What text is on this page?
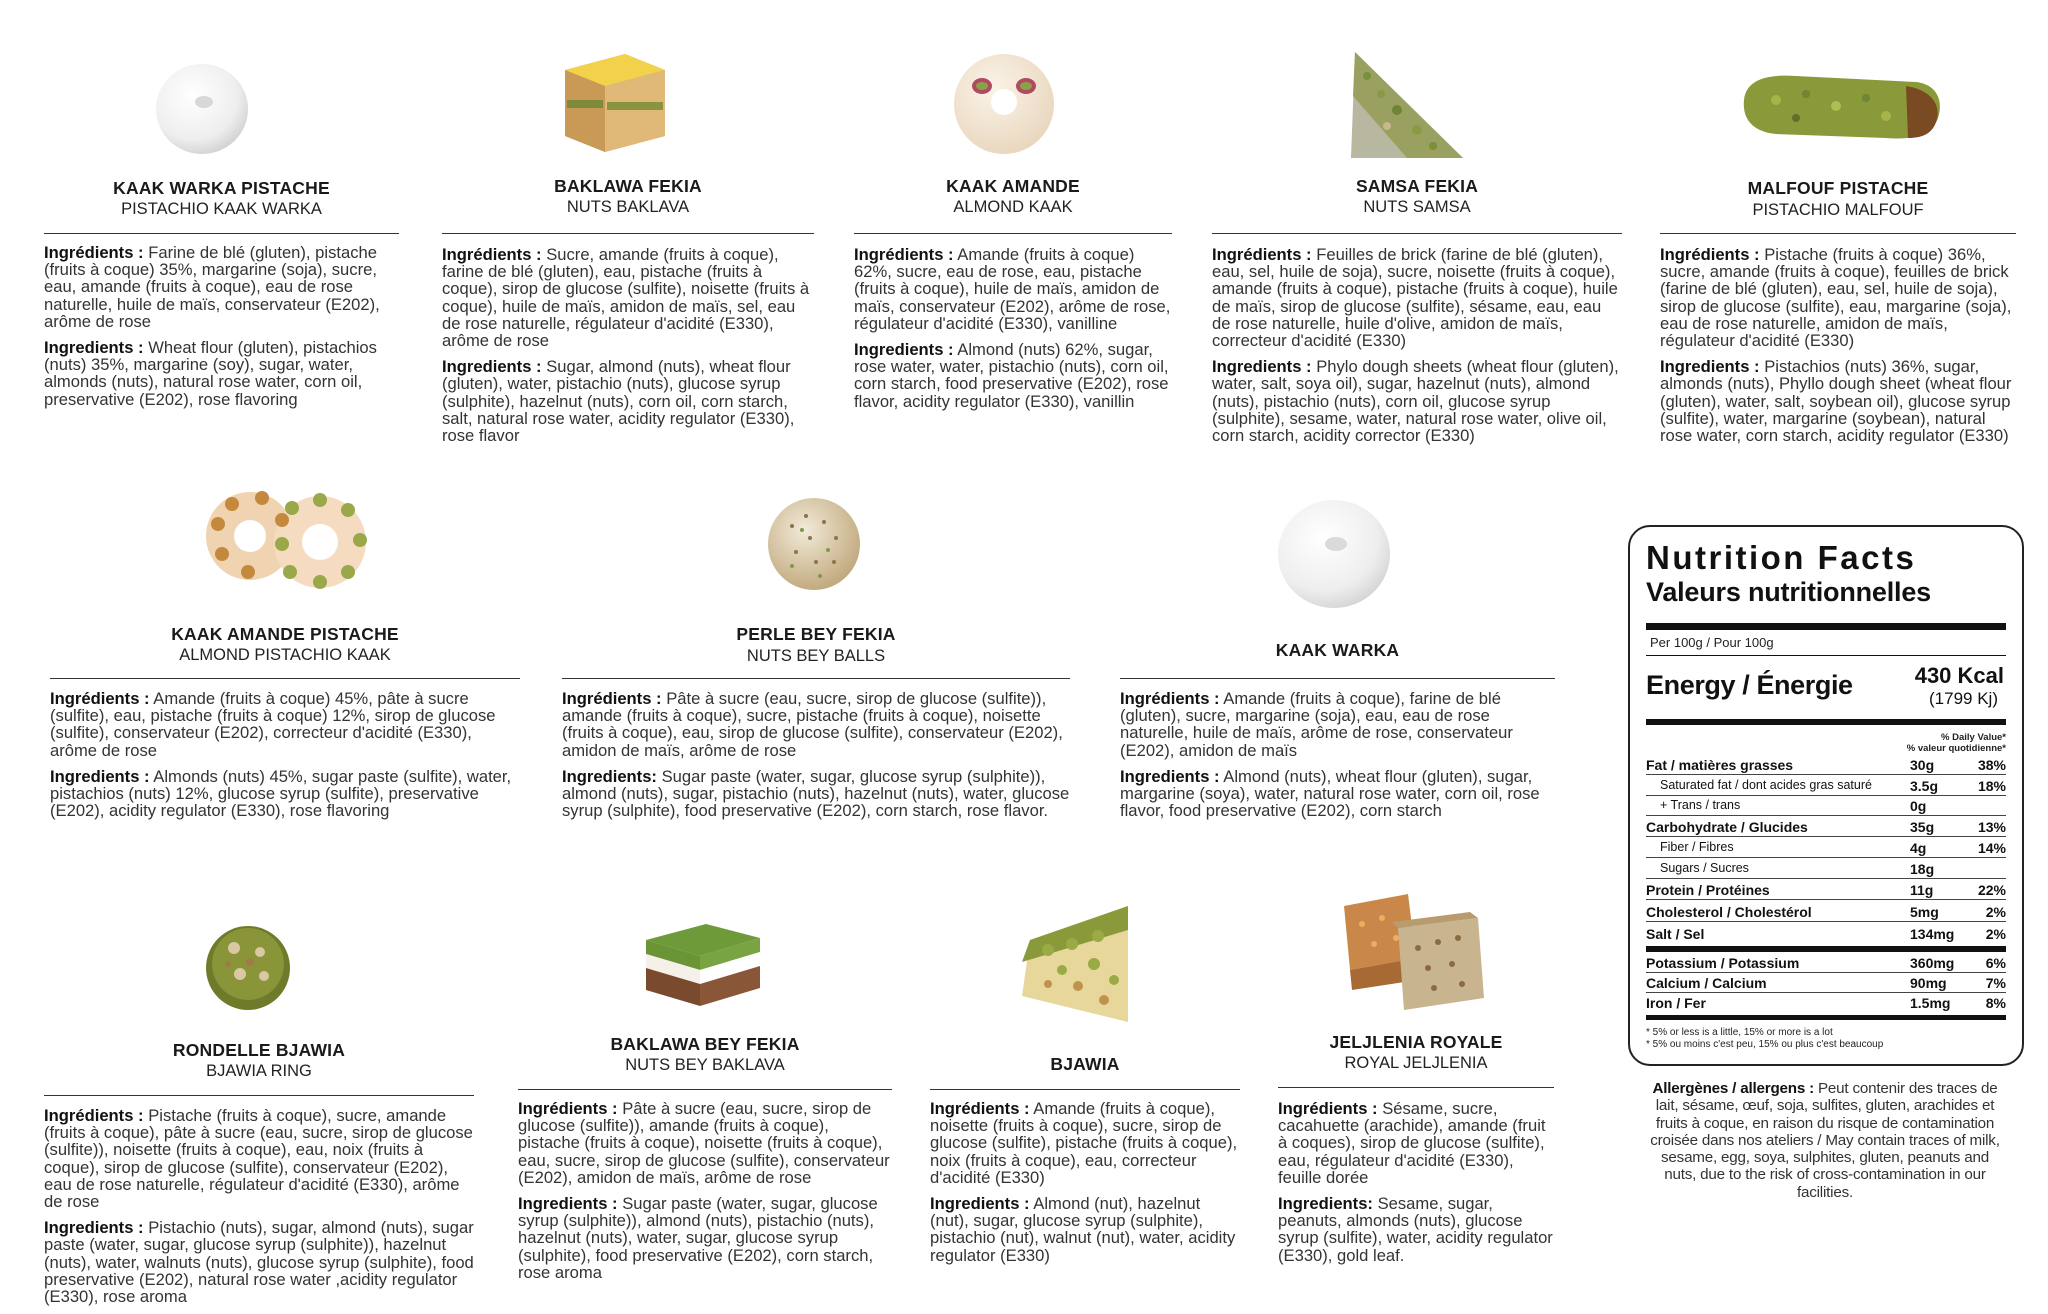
KAAK WARKA PISTACHE
PISTACHIO KAAK WARKA

Ingrédients : Farine de blé (gluten), pistache (fruits à coque) 35%, margarine (soja), sucre, eau, amande (fruits à coque), eau de rose naturelle, huile de maïs, conservateur (E202), arôme de rose

Ingredients : Wheat flour (gluten), pistachios (nuts) 35%, margarine (soy), sugar, water, almonds (nuts), natural rose water, corn oil, preservative (E202), rose flavoring

BAKLAWA FEKIA
NUTS BAKLAVA

Ingrédients : Sucre, amande (fruits à coque), farine de blé (gluten), eau, pistache (fruits à coque), sirop de glucose (sulfite), noisette (fruits à coque), huile de maïs, amidon de maïs, sel, eau de rose naturelle, régulateur d'acidité (E330), arôme de rose

Ingredients : Sugar, almond (nuts), wheat flour (gluten), water, pistachio (nuts), glucose syrup (sulphite), hazelnut (nuts), corn oil, corn starch, salt, natural rose water, acidity regulator (E330), rose flavor

KAAK AMANDE
ALMOND KAAK

Ingrédients : Amande (fruits à coque) 62%, sucre, eau de rose, eau, pistache (fruits à coque), huile de maïs, amidon de maïs, conservateur (E202), arôme de rose, régulateur d'acidité (E330), vanilline

Ingredients : Almond (nuts) 62%, sugar, rose water, water, pistachio (nuts), corn oil, corn starch, food preservative (E202), rose flavor, acidity regulator (E330), vanillin

SAMSA FEKIA
NUTS SAMSA

Ingrédients : Feuilles de brick (farine de blé (gluten), eau, sel, huile de soja), sucre, noisette (fruits à coque), amande (fruits à coque), pistache (fruits à coque), huile de maïs, sirop de glucose (sulfite), sésame, eau, eau de rose naturelle, huile d'olive, amidon de maïs, correcteur d'acidité (E330)

Ingredients : Phylo dough sheets (wheat flour (gluten), water, salt, soya oil), sugar, hazelnut (nuts), almond (nuts), pistachio (nuts), corn oil, glucose syrup (sulphite), sesame, water, natural rose water, olive oil, corn starch, acidity corrector (E330)

MALFOUF PISTACHE
PISTACHIO MALFOUF

Ingrédients : Pistache (fruits à coque) 36%, sucre, amande (fruits à coque), feuilles de brick (farine de blé (gluten), eau, sel, huile de soja), sirop de glucose (sulfite), eau, margarine (soja), eau de rose naturelle, amidon de maïs, régulateur d'acidité (E330)

Ingredients : Pistachios (nuts) 36%, sugar, almonds (nuts), Phyllo dough sheet (wheat flour (gluten), water, salt, soybean oil), glucose syrup (sulfite), water, margarine (soybean), natural rose water, corn starch, acidity regulator (E330)

KAAK AMANDE PISTACHE
ALMOND PISTACHIO KAAK

Ingrédients : Amande (fruits à coque) 45%, pâte à sucre (sulfite), eau, pistache (fruits à coque) 12%, sirop de glucose (sulfite), conservateur (E202), correcteur d'acidité (E330), arôme de rose

Ingredients : Almonds (nuts) 45%, sugar paste (sulfite), water, pistachios (nuts) 12%, glucose syrup (sulfite), preservative (E202), acidity regulator (E330), rose flavoring

PERLE BEY FEKIA
NUTS BEY BALLS

Ingrédients : Pâte à sucre (eau, sucre, sirop de glucose (sulfite)), amande (fruits à coque), sucre, pistache (fruits à coque), noisette (fruits à coque), eau, sirop de glucose (sulfite), conservateur (E202), amidon de maïs, arôme de rose

Ingredients: Sugar paste (water, sugar, glucose syrup (sulphite)), almond (nuts), sugar, pistachio (nuts), hazelnut (nuts), water, glucose syrup (sulphite), food preservative (E202), corn starch, rose flavor.

KAAK WARKA

Ingrédients : Amande (fruits à coque), farine de blé (gluten), sucre, margarine (soja), eau, eau de rose naturelle, huile de maïs, arôme de rose, conservateur (E202), amidon de maïs

Ingredients : Almond (nuts), wheat flour (gluten), sugar, margarine (soya), water, natural rose water, corn oil, rose flavor, food preservative (E202), corn starch

RONDELLE BJAWIA
BJAWIA RING

Ingrédients : Pistache (fruits à coque), sucre, amande (fruits à coque), pâte à sucre (eau, sucre, sirop de glucose (sulfite)), noisette (fruits à coque), eau, noix (fruits à coque), sirop de glucose (sulfite), conservateur (E202), eau de rose naturelle, régulateur d'acidité (E330), arôme de rose

Ingredients : Pistachio (nuts), sugar, almond (nuts), sugar paste (water, sugar, glucose syrup (sulphite)), hazelnut (nuts), water, walnuts (nuts), glucose syrup (sulphite), food preservative (E202), natural rose water ,acidity regulator (E330), rose aroma

BAKLAWA BEY FEKIA
NUTS BEY BAKLAVA

Ingrédients : Pâte à sucre (eau, sucre, sirop de glucose (sulfite)), amande (fruits à coque), pistache (fruits à coque), noisette (fruits à coque), eau, sucre, sirop de glucose (sulfite), conservateur (E202), amidon de maïs, arôme de rose

Ingredients : Sugar paste (water, sugar, glucose syrup (sulphite)), almond (nuts), pistachio (nuts), hazelnut (nuts), water, sugar, glucose syrup (sulphite), food preservative (E202), corn starch, rose aroma

BJAWIA

Ingrédients : Amande (fruits à coque), noisette (fruits à coque), sucre, sirop de glucose (sulfite), pistache (fruits à coque), noix (fruits à coque), eau, correcteur d'acidité (E330)

Ingredients : Almond (nut), hazelnut (nut), sugar, glucose syrup (sulphite), pistachio (nut), walnut (nut), water, acidity regulator (E330)

JELJLENIA ROYALE
ROYAL JELJLENIA

Ingrédients : Sésame, sucre, cacahuette (arachide), amande (fruit à coques), sirop de glucose (sulfite), eau, régulateur d'acidité (E330), feuille dorée

Ingredients: Sesame, sugar, peanuts, almonds (nuts), glucose syrup (sulfite), water, acidity regulator (E330), gold leaf.

Nutrition Facts
Valeurs nutritionnelles
Per 100g / Pour 100g
Energy / Énergie	430 Kcal
(1799 Kj)
% Daily Value*
% valeur quotidienne*
Fat / matières grasses	30g	38%
Saturated fat / dont acides gras saturé	3.5g	18%
+ Trans / trans	0g
Carbohydrate / Glucides	35g	13%
Fiber / Fibres	4g	14%
Sugars / Sucres	18g
Protein / Protéines	11g	22%
Cholesterol / Cholestérol	5mg	2%
Salt / Sel	134mg 2%
Potassium / Potassium	360mg 6%
Calcium / Calcium	90mg	7%
Iron / Fer	1.5mg	8%
* 5% or less is a little, 15% or more is a lot
* 5% ou moins c'est peu, 15% ou plus c'est beaucoup
Allergènes / allergens : Peut contenir des traces de lait, sésame, œuf, soja, sulfites, gluten, arachides et fruits à coque, en raison du risque de contamination croisée dans nos ateliers / May contain traces of milk, sesame, egg, soya, sulphites, gluten, peanuts and nuts, due to the risk of cross-contamination in our facilities.
